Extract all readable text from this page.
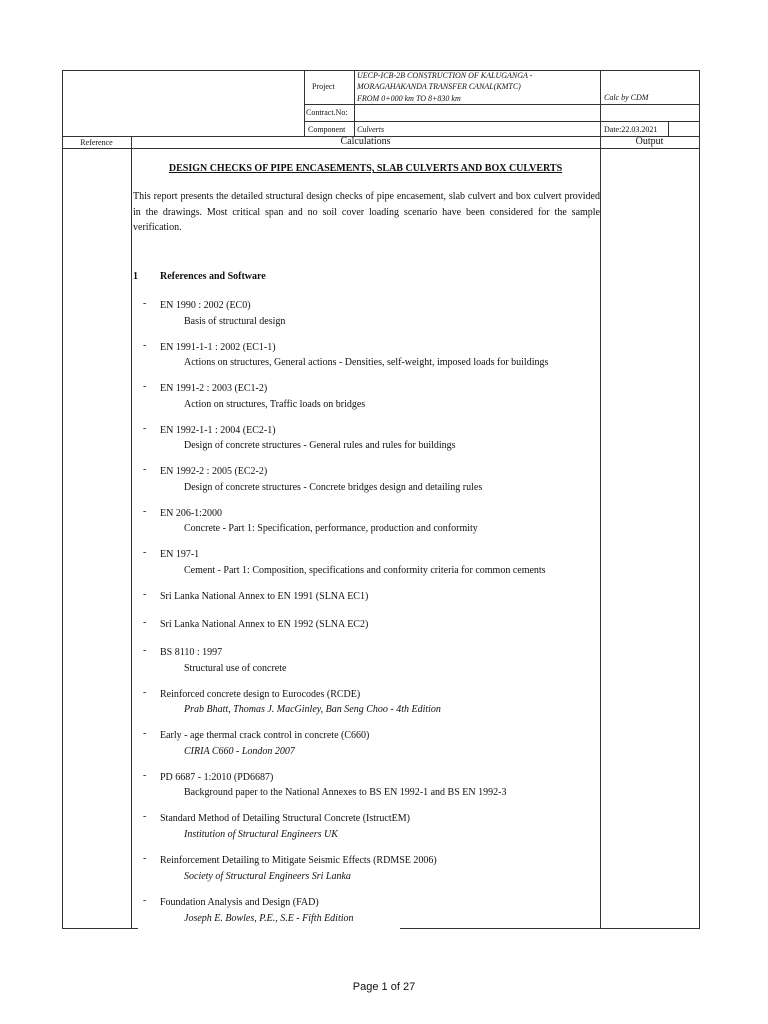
Project
UECP-ICB-2B CONSTRUCTION OF KALUGANGA -
MORAGAHAKANDA TRANSFER CANAL(KMTC)
FROM 0+000 km TO 8+830 km	Calc by CDM
Contract.No:
Component Culverts	Date:22.03.2021
Reference	Calculations	Output
DESIGN CHECKS OF PIPE ENCASEMENTS, SLAB CULVERTS AND BOX CULVERTS
This report presents the detailed structural design checks of pipe encasement, slab culvert and box culvert provided in the drawings. Most critical span and no soil cover loading scenario have been considered for the sample verification.
1 References and Software
- EN 1990 : 2002 (EC0)
Basis of structural design
- EN 1991-1-1 : 2002 (EC1-1)
Actions on structures, General actions - Densities, self-weight, imposed loads for buildings
- EN 1991-2 : 2003 (EC1-2)
Action on structures, Traffic loads on bridges
- EN 1992-1-1 : 2004 (EC2-1)
Design of concrete structures - General rules and rules for buildings
- EN 1992-2 : 2005 (EC2-2)
Design of concrete structures - Concrete bridges design and detailing rules
- EN 206-1:2000
Concrete - Part 1: Specification, performance, production and conformity
- EN 197-1
Cement - Part 1: Composition, specifications and conformity criteria for common cements
- Sri Lanka National Annex to EN 1991 (SLNA EC1)
- Sri Lanka National Annex to EN 1992 (SLNA EC2)
- BS 8110 : 1997
Structural use of concrete
- Reinforced concrete design to Eurocodes (RCDE)
Prab Bhatt, Thomas J. MacGinley, Ban Seng Choo - 4th Edition
- Early - age thermal crack control in concrete (C660)
CIRIA C660 - London 2007
- PD 6687 - 1:2010 (PD6687)
Background paper to the National Annexes to BS EN 1992-1 and BS EN 1992-3
- Standard Method of Detailing Structural Concrete (IstructEM)
Institution of Structural Engineers UK
- Reinforcement Detailing to Mitigate Seismic Effects (RDMSE 2006)
Society of Structural Engineers Sri Lanka
- Foundation Analysis and Design (FAD)
Joseph E. Bowles, P.E., S.E - Fifth Edition
Page 1 of 27
